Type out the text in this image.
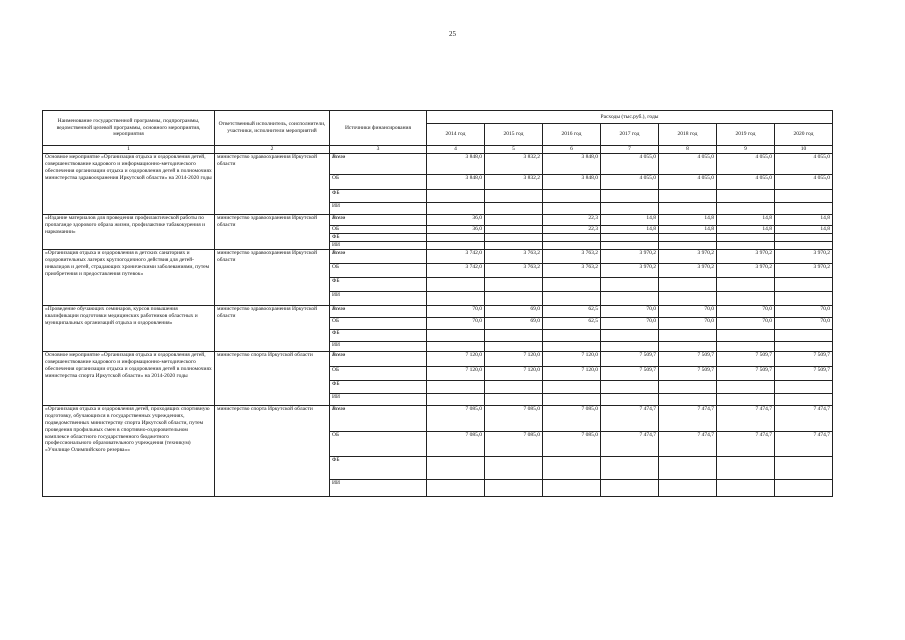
25
Наименование государственной программы, подпрограммы, ведомственной целевой программы, основного мероприятия, мероприятия	Ответственный исполнитель, соисполнители, участники, исполнители мероприятий	Источники финансирования	Расходы (тыс.руб.), годы						
			2014 год	2015 год	2016 год	2017 год	2018 год	2019 год	2020 год
1	2	3	4	5	6	7	8	9	10
Основное мероприятие «Организация отдыха и оздоровления детей, совершенствование кадрового и информационно-методического обеспечения организации отдыха и оздоровления детей в полномочиях министерства здравоохранения Иркутской области» на 2014-2020 годы	министерство здравоохранения Иркутской области	Всего	3 848,0	3 832,2	3 848,0	4 055,0	4 055,0	4 055,0	4 055,0
		ОБ	3 848,0	3 832,2	3 848,0	4 055,0	4 055,0	4 055,0	4 055,0
		ФБ							
		ИИ							
«Издание материалов для проведения профилактической работы по пропаганде здорового образа жизни, профилактике табакокурения и наркомании»	министерство здравоохранения Иркутской области	Всего	36,0		22,3	14,8	14,8	14,8	14,8
		ОБ	36,0		22,3	14,8	14,8	14,8	14,8
		ФБ							
		ИИ							
«Организация отдыха и оздоровления в детских санаториях и оздоровительных лагерях круглогодичного действия для детей-инвалидов и детей, страдающих хроническими заболеваниями, путем приобретения и предоставления путевок»	министерство здравоохранения Иркутской области	Всего	3 742,0	3 763,2	3 763,2	3 970,2	3 970,2	3 970,2	3 970,2
		ОБ	3 742,0	3 763,2	3 763,2	3 970,2	3 970,2	3 970,2	3 970,2
		ФБ							
		ИИ							
«Проведение обучающих семинаров, курсов повышения квалификации подготовки медицинских работников областных и муниципальных организаций отдыха и оздоровления»	министерство здравоохранения Иркутской области	Всего	70,0	69,0	62,5	70,0	70,0	70,0	70,0
		ОБ	70,0	69,0	62,5	70,0	70,0	70,0	70,0
		ФБ							
		ИИ							
Основное мероприятие «Организация отдыха и оздоровления детей, совершенствование кадрового и информационно-методического обеспечения организации отдыха и оздоровления детей в полномочиях министерства спорта Иркутской области» на 2014-2020 годы	министерство спорта Иркутской области	Всего	7 120,0	7 120,0	7 120,0	7 509,7	7 509,7	7 509,7	7 509,7
		ОБ	7 120,0	7 120,0	7 120,0	7 509,7	7 509,7	7 509,7	7 509,7
		ФБ							
		ИИ							
«Организация отдыха и оздоровления детей, проходящих спортивную подготовку, обучающихся в государственных учреждениях, подведомственных министерству спорта Иркутской области, путем проведения профильных смен в спортивно-оздоровительном комплексе областного государственного бюджетного профессионального образовательного учреждения (техникум) «Училище Олимпийского резерва»»	министерство спорта Иркутской области	Всего	7 085,0	7 085,0	7 085,0	7 474,7	7 474,7	7 474,7	7 474,7
		ОБ	7 085,0	7 085,0	7 085,0	7 474,7	7 474,7	7 474,7	7 474,7
		ФБ							
		ИИ							
